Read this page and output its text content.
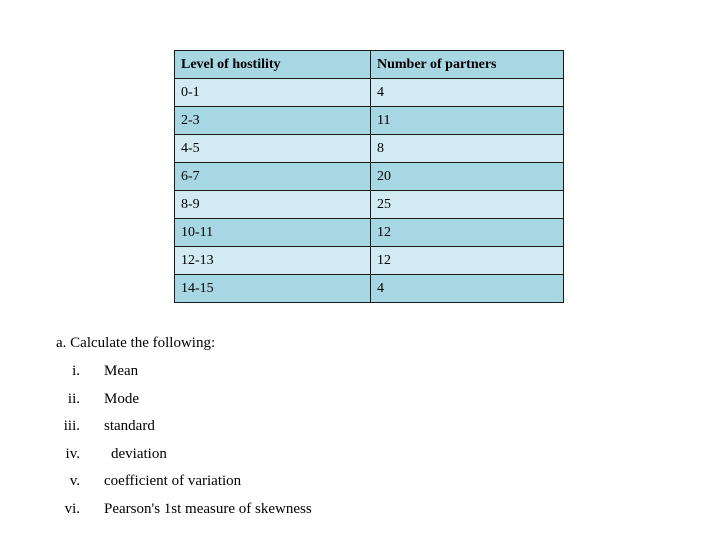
Level of hostility	Number of partners
0-1	4
2-3	11
4-5	8
6-7	20
8-9	25
10-11	12
12-13	12
14-15	4
a. Calculate the following:
i. Mean
ii. Mode
iii. standard
iv. deviation
v. coefficient of variation
vi. Pearson's 1st measure of skewness
